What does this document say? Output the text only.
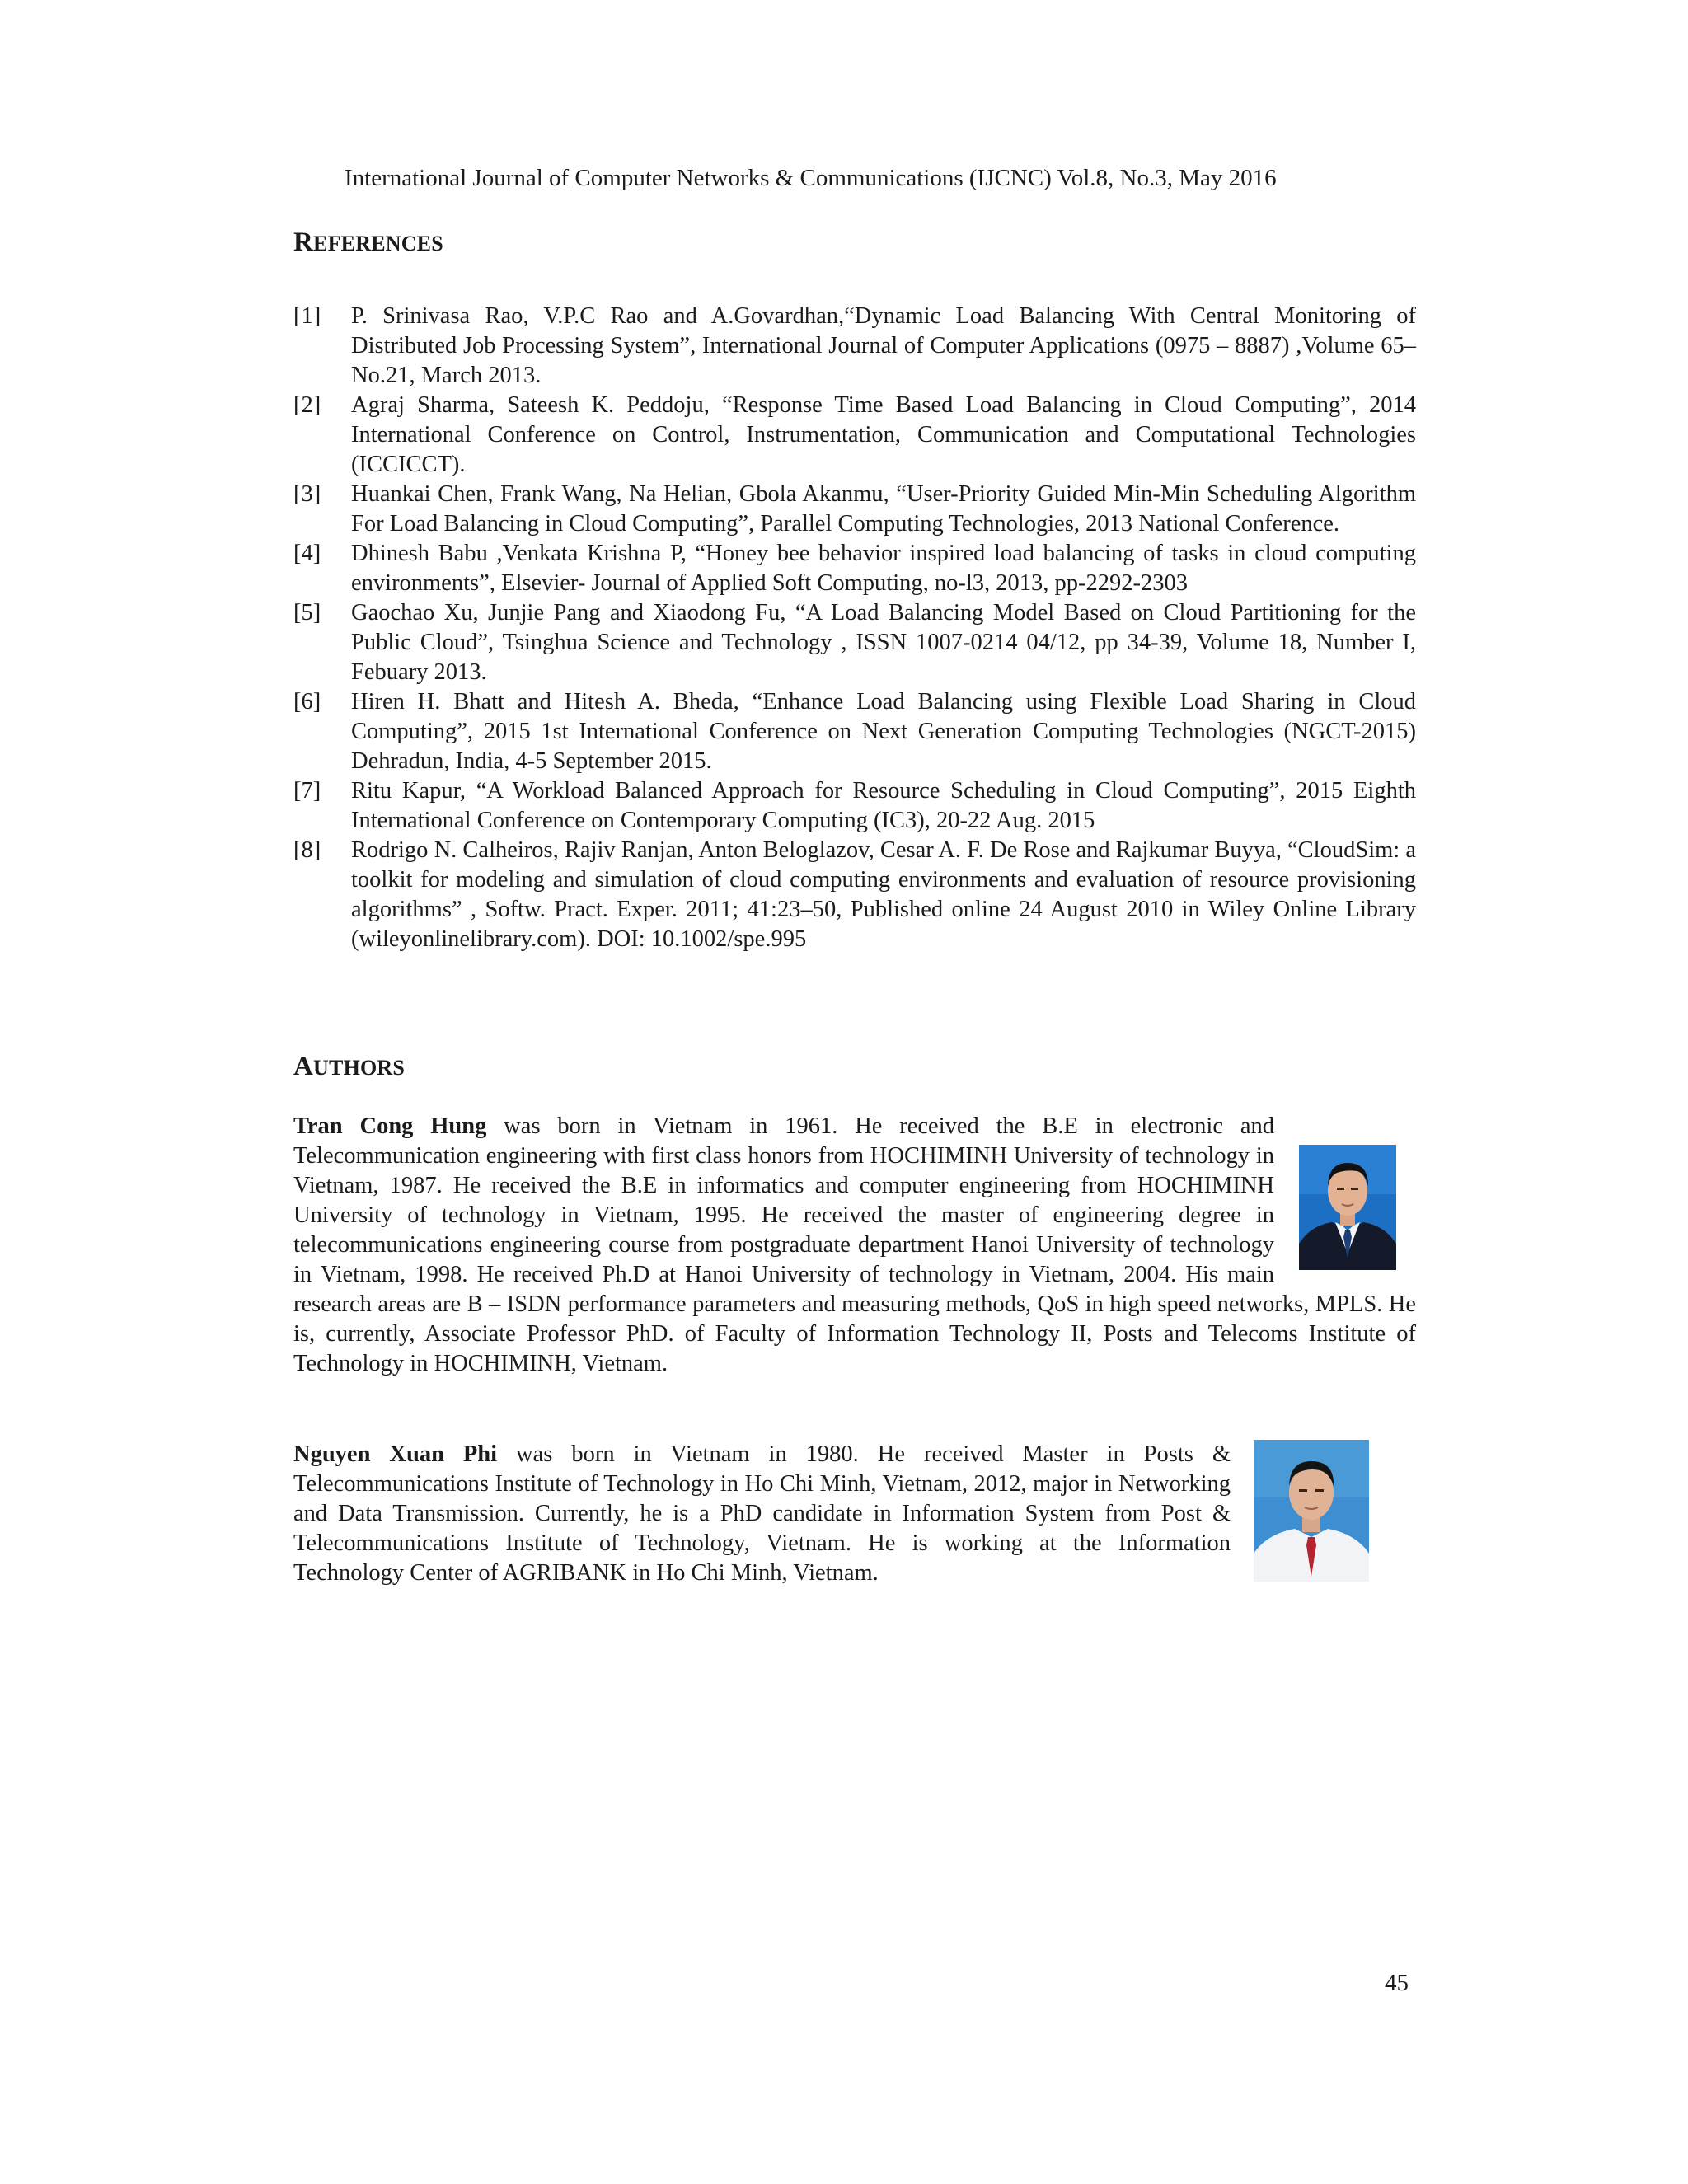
International Journal of Computer Networks & Communications (IJCNC) Vol.8, No.3, May 2016
REFERENCES
[1] P. Srinivasa Rao, V.P.C Rao and A.Govardhan,“Dynamic Load Balancing With Central Monitoring of Distributed Job Processing System”, International Journal of Computer Applications (0975 – 8887) ,Volume 65– No.21, March 2013.
[2] Agraj Sharma, Sateesh K. Peddoju, “Response Time Based Load Balancing in Cloud Computing”, 2014 International Conference on Control, Instrumentation, Communication and Computational Technologies (ICCICCT).
[3] Huankai Chen, Frank Wang, Na Helian, Gbola Akanmu, “User-Priority Guided Min-Min Scheduling Algorithm For Load Balancing in Cloud Computing”, Parallel Computing Technologies, 2013 National Conference.
[4] Dhinesh Babu ,Venkata Krishna P, “Honey bee behavior inspired load balancing of tasks in cloud computing environments”, Elsevier- Journal of Applied Soft Computing, no-l3, 2013, pp-2292-2303
[5] Gaochao Xu, Junjie Pang and Xiaodong Fu, “A Load Balancing Model Based on Cloud Partitioning for the Public Cloud”, Tsinghua Science and Technology , ISSN 1007-0214 04/12, pp 34-39, Volume 18, Number I, Febuary 2013.
[6] Hiren H. Bhatt and Hitesh A. Bheda, “Enhance Load Balancing using Flexible Load Sharing in Cloud Computing”, 2015 1st International Conference on Next Generation Computing Technologies (NGCT-2015) Dehradun, India, 4-5 September 2015.
[7] Ritu Kapur, “A Workload Balanced Approach for Resource Scheduling in Cloud Computing”, 2015 Eighth International Conference on Contemporary Computing (IC3), 20-22 Aug. 2015
[8] Rodrigo N. Calheiros, Rajiv Ranjan, Anton Beloglazov, Cesar A. F. De Rose and Rajkumar Buyya, “CloudSim: a toolkit for modeling and simulation of cloud computing environments and evaluation of resource provisioning algorithms” , Softw. Pract. Exper. 2011; 41:23–50, Published online 24 August 2010 in Wiley Online Library (wileyonlinelibrary.com). DOI: 10.1002/spe.995
AUTHORS
Tran Cong Hung was born in Vietnam in 1961. He received the B.E in electronic and Telecommunication engineering with first class honors from HOCHIMINH University of technology in Vietnam, 1987. He received the B.E in informatics and computer engineering from HOCHIMINH University of technology in Vietnam, 1995. He received the master of engineering degree in telecommunications engineering course from postgraduate department Hanoi University of technology in Vietnam, 1998. He received Ph.D at Hanoi University of technology in Vietnam, 2004. His main research areas are B – ISDN performance parameters and measuring methods, QoS in high speed networks, MPLS. He is, currently, Associate Professor PhD. of Faculty of Information Technology II, Posts and Telecoms Institute of Technology in HOCHIMINH, Vietnam.
Nguyen Xuan Phi was born in Vietnam in 1980. He received Master in Posts & Telecommunications Institute of Technology in Ho Chi Minh, Vietnam, 2012, major in Networking and Data Transmission. Currently, he is a PhD candidate in Information System from Post & Telecommunications Institute of Technology, Vietnam. He is working at the Information Technology Center of AGRIBANK in Ho Chi Minh, Vietnam.
45
